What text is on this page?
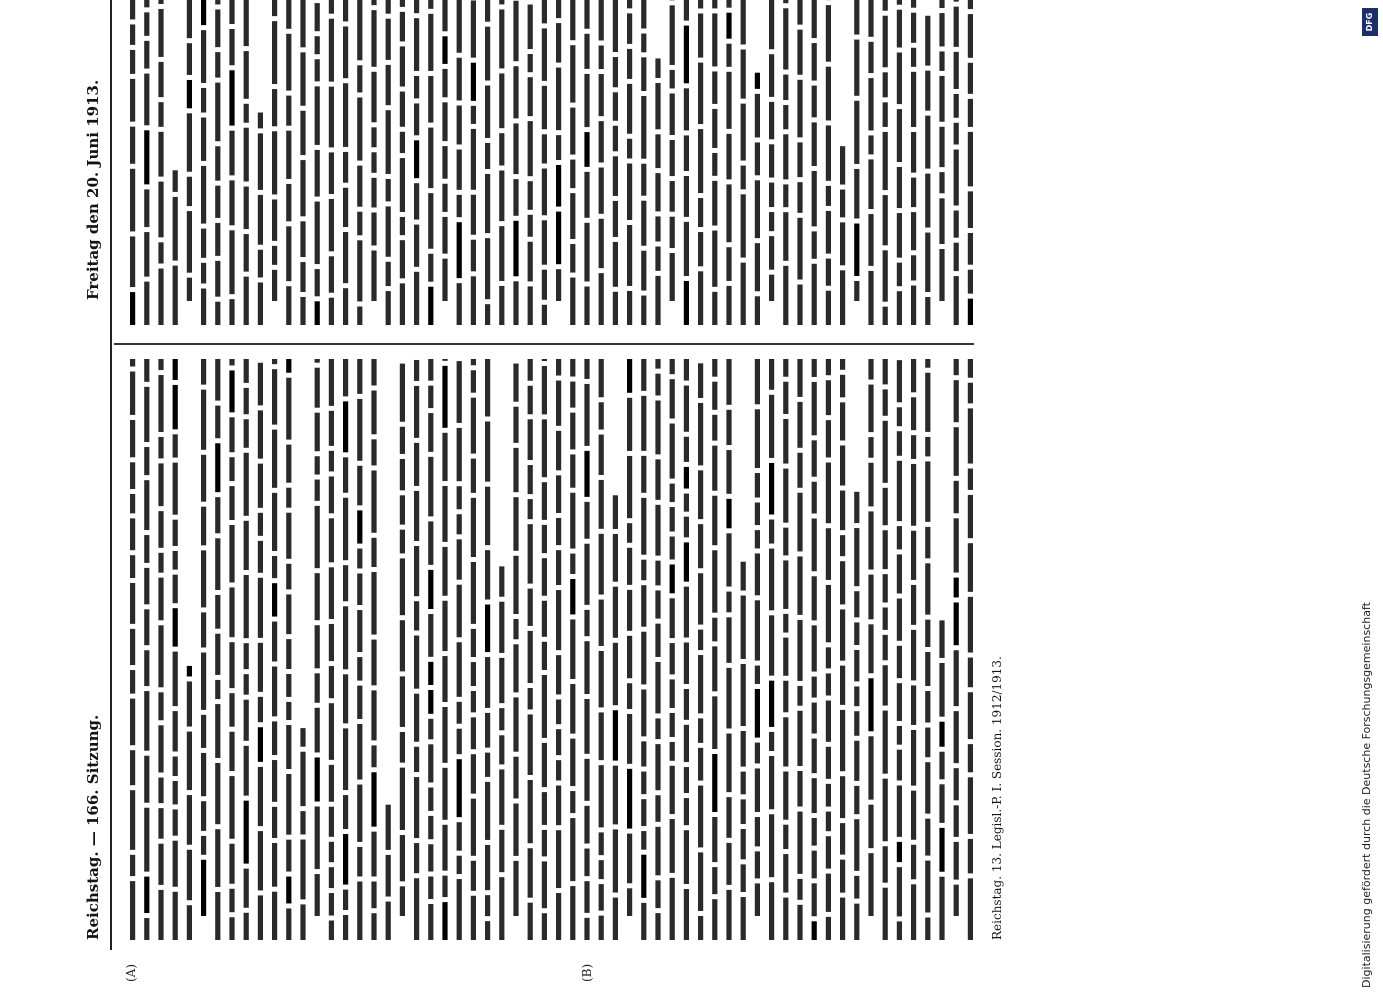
Reichstag. — 166. Sitzung.
Freitag den 20. Juni 1913.
(A)	(B)
Reichstag. 13. Legisl.-P. I. Session. 1912/1913.	Digitalisierung gefördert durch die Deutsche Forschungsgemeinschaft
DFG
